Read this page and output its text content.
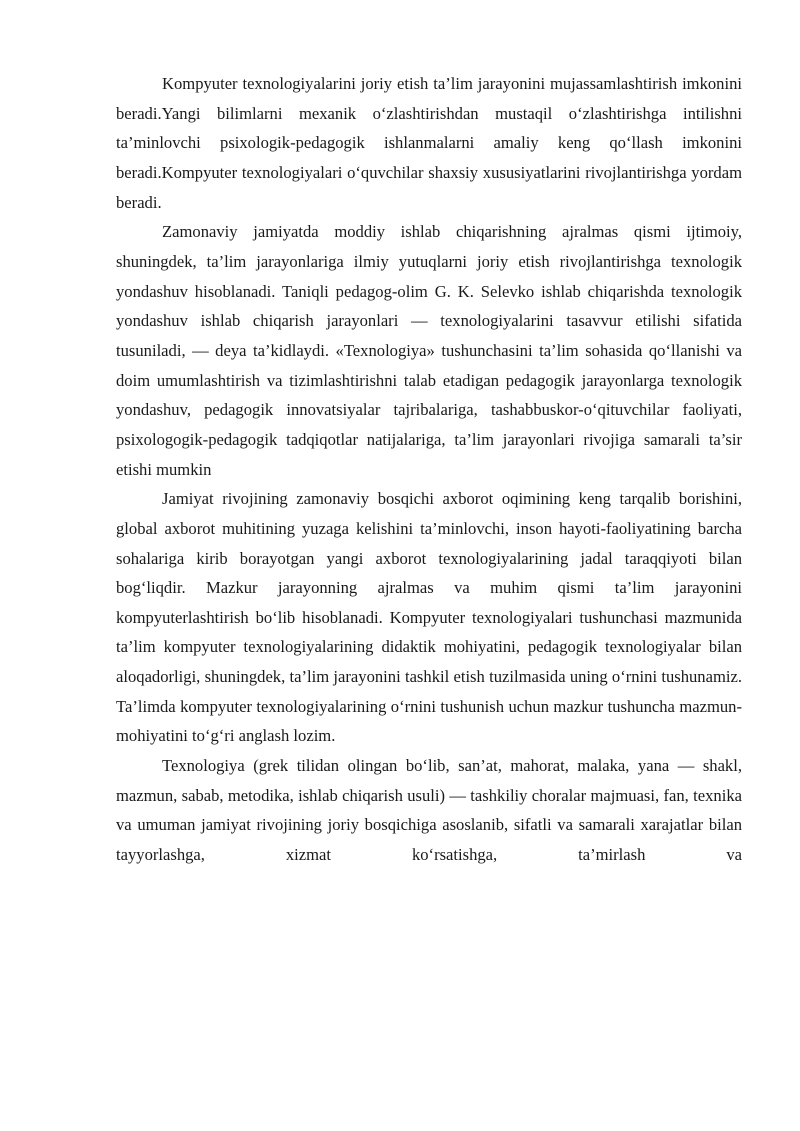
Kompyuter texnologiyalarini joriy etish ta’lim jarayonini mujassamlashtirish imkonini beradi.Yangi bilimlarni mexanik o‘zlashtirishdan mustaqil o‘zlashtirishga intilishni ta’minlovchi psixologik-pedagogik ishlanmalarni amaliy keng qo‘llash imkonini beradi.Kompyuter texnologiyalari o‘quvchilar shaxsiy xususiyatlarini rivojlantirishga yordam beradi.

Zamonaviy jamiyatda moddiy ishlab chiqarishning ajralmas qismi ijtimoiy, shuningdek, ta’lim jarayonlariga ilmiy yutuqlarni joriy etish rivojlantirishga texnologik yondashuv hisoblanadi. Taniqli pedagog-olim G. K. Selevko ishlab chiqarishda texnologik yondashuv ishlab chiqarish jarayonlari — texnologiyalarini tasavvur etilishi sifatida tusuniladi, — deya ta’kidlaydi. «Texnologiya» tushunchasini ta’lim sohasida qo‘llanishi va doim umumlashtirish va tizimlashtirishni talab etadigan pedagogik jarayonlarga texnologik yondashuv, pedagogik innovatsiyalar tajribalariga, tashabbuskor-o‘qituvchilar faoliyati, psixologogik-pedagogik tadqiqotlar natijalariga, ta’lim jarayonlari rivojiga samarali ta’sir etishi mumkin

Jamiyat rivojining zamonaviy bosqichi axborot oqimining keng tarqalib borishini, global axborot muhitining yuzaga kelishini ta’minlovchi, inson hayoti-faoliyatining barcha sohalariga kirib borayotgan yangi axborot texnologiyalarining jadal taraqqiyoti bilan bog‘liqdir. Mazkur jarayonning ajralmas va muhim qismi ta’lim jarayonini kompyuterlashtirish bo‘lib hisoblanadi. Kompyuter texnologiyalari tushunchasi mazmunida ta’lim kompyuter texnologiyalarining didaktik mohiyatini, pedagogik texnologiyalar bilan aloqadorligi, shuningdek, ta’lim jarayonini tashkil etish tuzilmasida uning o‘rnini tushunamiz. Ta’limda kompyuter texnologiyalarining o‘rnini tushunish uchun mazkur tushuncha mazmun-mohiyatini to‘g‘ri anglash lozim.

Texnologiya (grek tilidan olingan bo‘lib, san’at, mahorat, malaka, yana — shakl, mazmun, sabab, metodika, ishlab chiqarish usuli) — tashkiliy choralar majmuasi, fan, texnika va umuman jamiyat rivojining joriy bosqichiga asoslanib, sifatli va samarali xarajatlar bilan tayyorlashga, xizmat ko‘rsatishga, ta’mirlash va
